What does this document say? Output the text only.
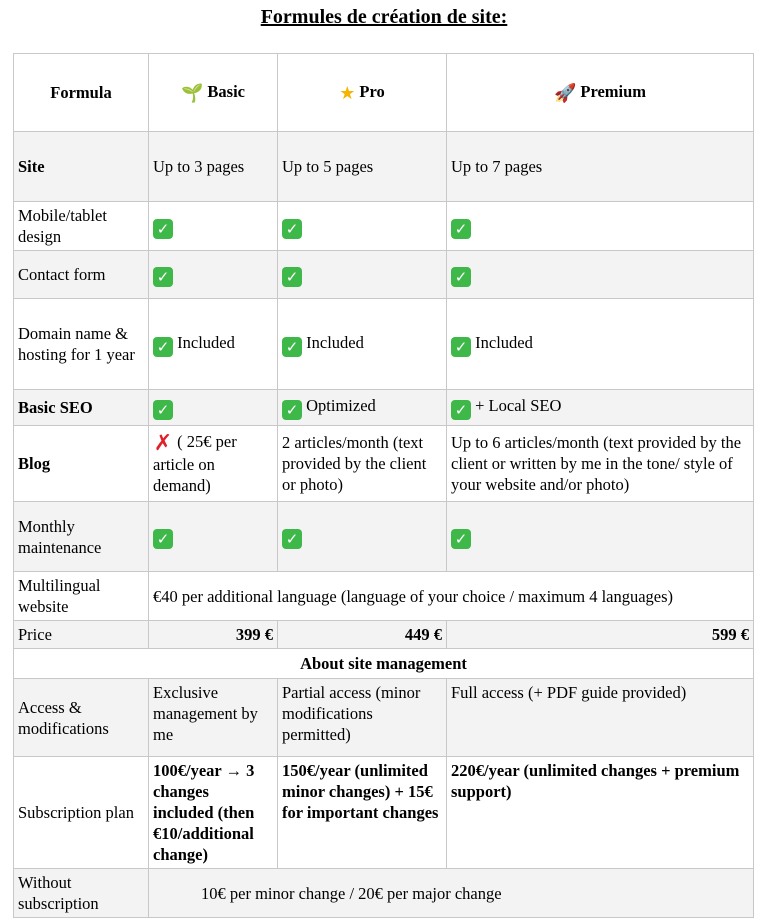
Formules de création de site:
Formula	🌱 Basic	★ Pro	🚀 Premium
Site	Up to 3 pages	Up to 5 pages	Up to 7 pages
Mobile/tablet design	✓	✓	✓
Contact form	✓	✓	✓
Domain name & hosting for 1 year	✓ Included	✓ Included	✓ Included
Basic SEO	✓	✓ Optimized	✓ + Local SEO
Blog	✗ ( 25€ per article on demand)	2 articles/month (text provided by the client or photo)	Up to 6 articles/month (text provided by the client or written by me in the tone/ style of your website and/or photo)
Monthly maintenance	✓	✓	✓
Multilingual website	€40 per additional language (language of your choice / maximum 4 languages)		
Price	399 €	449 €	599 €
About site management			
Access & modifications	Exclusive management by me	Partial access (minor modifications permitted)	Full access (+ PDF guide provided)
Subscription plan	100€/year → 3 changes included (then €10/additional change)	150€/year (unlimited minor changes) + 15€ for important changes	220€/year (unlimited changes + premium support)
Without subscription	10€ per minor change / 20€ per major change		
